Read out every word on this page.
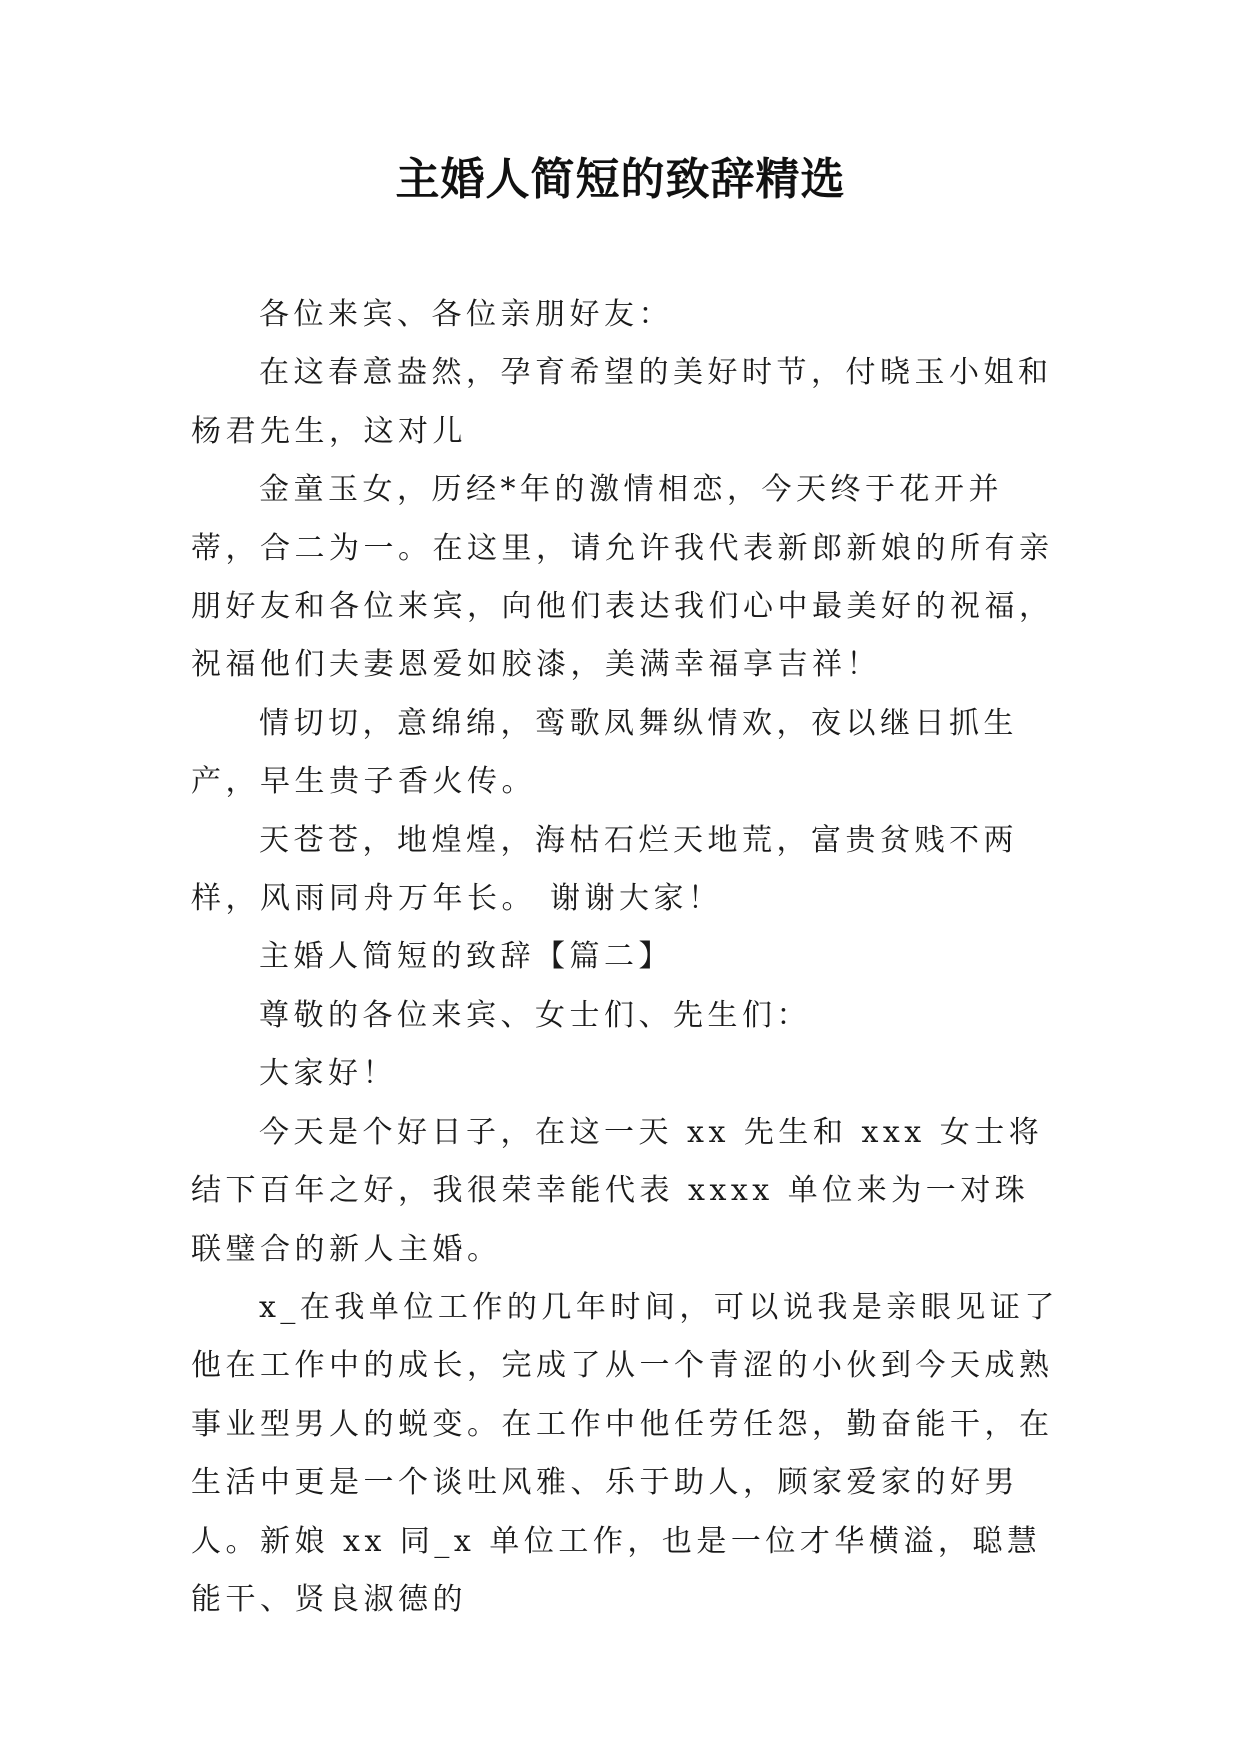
主婚人简短的致辞精选

各位来宾、各位亲朋好友：

在这春意盎然，孕育希望的美好时节，付晓玉小姐和杨君先生，这对儿

金童玉女，历经*年的激情相恋，今天终于花开并蒂，合二为一。在这里，请允许我代表新郎新娘的所有亲朋好友和各位来宾，向他们表达我们心中最美好的祝福，祝福他们夫妻恩爱如胶漆，美满幸福享吉祥！

情切切，意绵绵，鸾歌凤舞纵情欢，夜以继日抓生产，早生贵子香火传。

天苍苍，地煌煌，海枯石烂天地荒，富贵贫贱不两样，风雨同舟万年长。 谢谢大家！

主婚人简短的致辞【篇二】

尊敬的各位来宾、女士们、先生们：

大家好！

今天是个好日子，在这一天 xx 先生和 xxx 女士将结下百年之好，我很荣幸能代表 xxxx 单位来为一对珠联璧合的新人主婚。

x_在我单位工作的几年时间，可以说我是亲眼见证了他在工作中的成长，完成了从一个青涩的小伙到今天成熟事业型男人的蜕变。在工作中他任劳任怨，勤奋能干，在生活中更是一个谈吐风雅、乐于助人，顾家爱家的好男人。新娘 xx 同_x 单位工作，也是一位才华横溢，聪慧能干、贤良淑德的
